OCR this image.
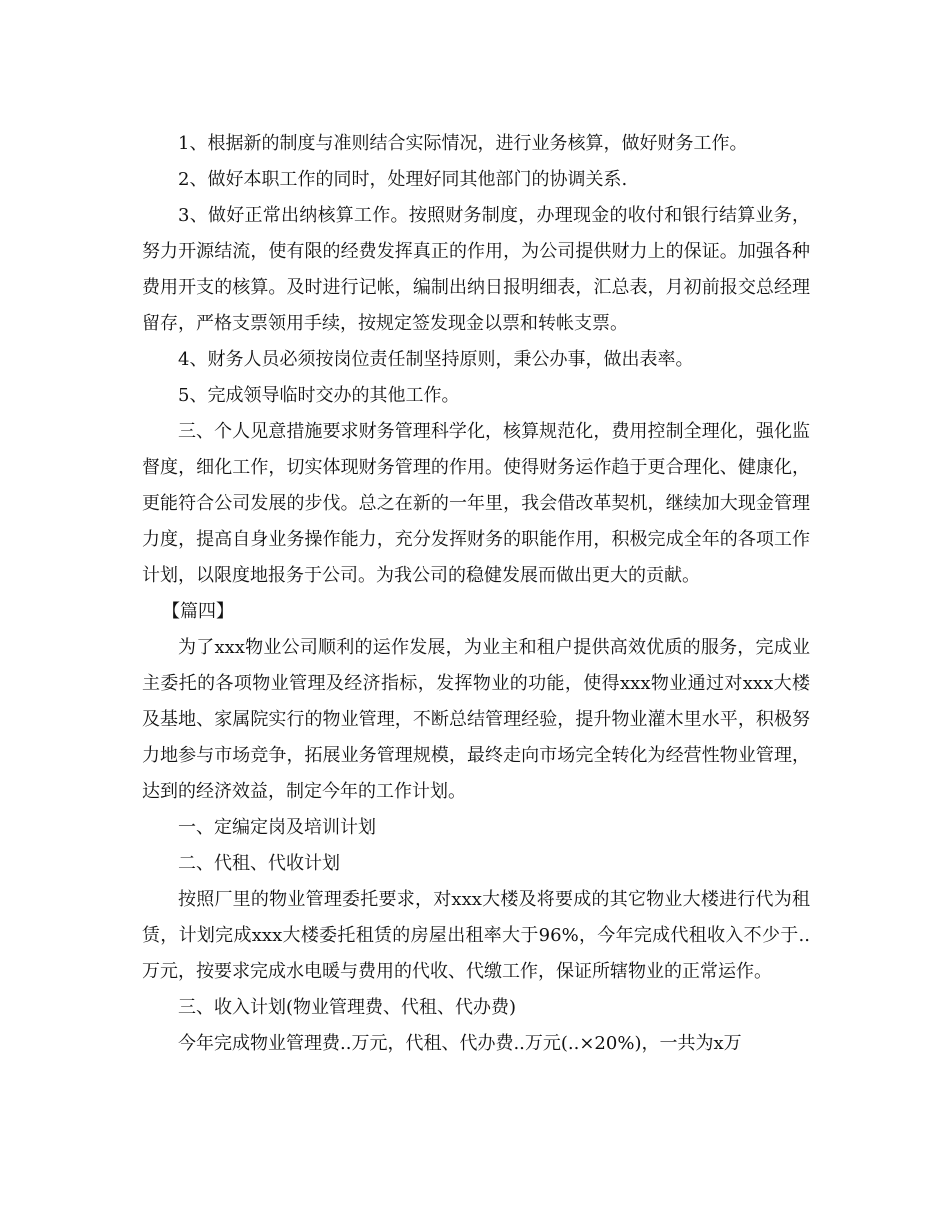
1、根据新的制度与准则结合实际情况，进行业务核算，做好财务工作。

2、做好本职工作的同时，处理好同其他部门的协调关系.

3、做好正常出纳核算工作。按照财务制度，办理现金的收付和银行结算业务，努力开源结流，使有限的经费发挥真正的作用，为公司提供财力上的保证。加强各种费用开支的核算。及时进行记帐，编制出纳日报明细表，汇总表，月初前报交总经理留存，严格支票领用手续，按规定签发现金以票和转帐支票。

4、财务人员必须按岗位责任制坚持原则，秉公办事，做出表率。

5、完成领导临时交办的其他工作。

三、个人见意措施要求财务管理科学化，核算规范化，费用控制全理化，强化监督度，细化工作，切实体现财务管理的作用。使得财务运作趋于更合理化、健康化，更能符合公司发展的步伐。总之在新的一年里，我会借改革契机，继续加大现金管理力度，提高自身业务操作能力，充分发挥财务的职能作用，积极完成全年的各项工作计划，以限度地报务于公司。为我公司的稳健发展而做出更大的贡献。

【篇四】

为了xxx物业公司顺利的运作发展，为业主和租户提供高效优质的服务，完成业主委托的各项物业管理及经济指标，发挥物业的功能，使得xxx物业通过对xxx大楼及基地、家属院实行的物业管理，不断总结管理经验，提升物业灌木里水平，积极努力地参与市场竞争，拓展业务管理规模，最终走向市场完全转化为经营性物业管理，达到的经济效益，制定今年的工作计划。

一、定编定岗及培训计划

二、代租、代收计划

按照厂里的物业管理委托要求，对xxx大楼及将要成的其它物业大楼进行代为租赁，计划完成xxx大楼委托租赁的房屋出租率大于96%，今年完成代租收入不少于..万元，按要求完成水电暖与费用的代收、代缴工作，保证所辖物业的正常运作。

三、收入计划(物业管理费、代租、代办费)

今年完成物业管理费..万元，代租、代办费..万元(..×20%)，一共为x万
